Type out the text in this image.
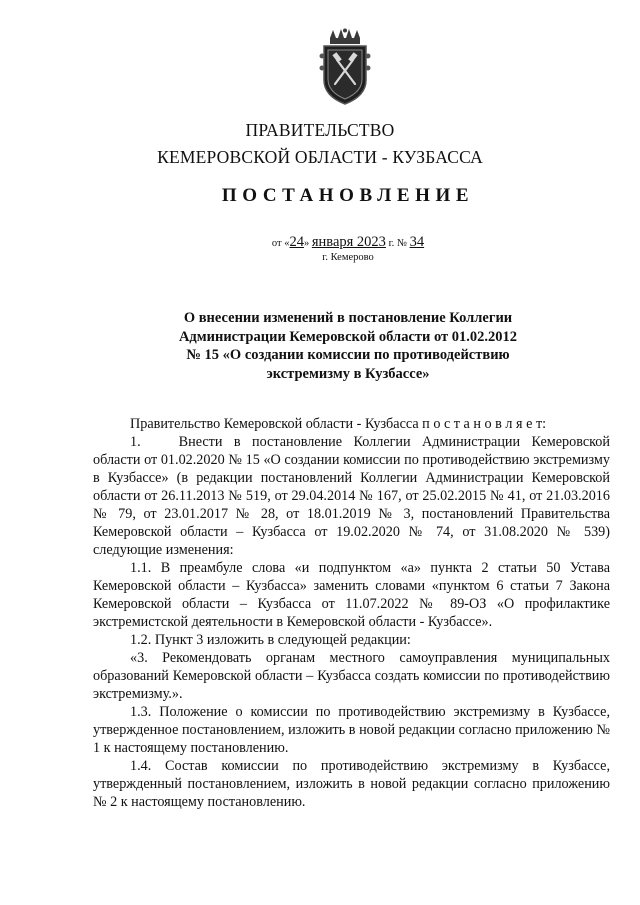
ПРАВИТЕЛЬСТВО
КЕМЕРОВСКОЙ ОБЛАСТИ - КУЗБАССА
ПОСТАНОВЛЕНИЕ
от «24» января 2023 г. № 34
г. Кемерово
О внесении изменений в постановление Коллегии
Администрации Кемеровской области от 01.02.2012
№ 15 «О создании комиссии по противодействию
экстремизму в Кузбассе»

Правительство Кемеровской области - Кузбасса п о с т а н о в л я е т:

1.	Внести в постановление Коллегии Администрации Кемеровской области от 01.02.2020 № 15 «О создании комиссии по противодействию экстремизму в Кузбассе» (в редакции постановлений Коллегии Администрации Кемеровской области от 26.11.2013 № 519, от 29.04.2014 № 167, от 25.02.2015 № 41, от 21.03.2016 № 79, от 23.01.2017 № 28, от 18.01.2019 № 3, постановлений Правительства Кемеровской области – Кузбасса от 19.02.2020 № 74, от 31.08.2020 № 539) следующие изменения:

1.1. В преамбуле слова «и подпунктом «а» пункта 2 статьи 50 Устава Кемеровской области – Кузбасса» заменить словами «пунктом 6 статьи 7 Закона Кемеровской области – Кузбасса от 11.07.2022 № 89-ОЗ «О профилактике экстремистской деятельности в Кемеровской области - Кузбассе».

1.2. Пункт 3 изложить в следующей редакции:

«3. Рекомендовать органам местного самоуправления муниципальных образований Кемеровской области – Кузбасса создать комиссии по противодействию экстремизму.».

1.3. Положение о комиссии по противодействию экстремизму в Кузбассе, утвержденное постановлением, изложить в новой редакции согласно приложению № 1 к настоящему постановлению.

1.4. Состав комиссии по противодействию экстремизму в Кузбассе, утвержденный постановлением, изложить в новой редакции согласно приложению № 2 к настоящему постановлению.
